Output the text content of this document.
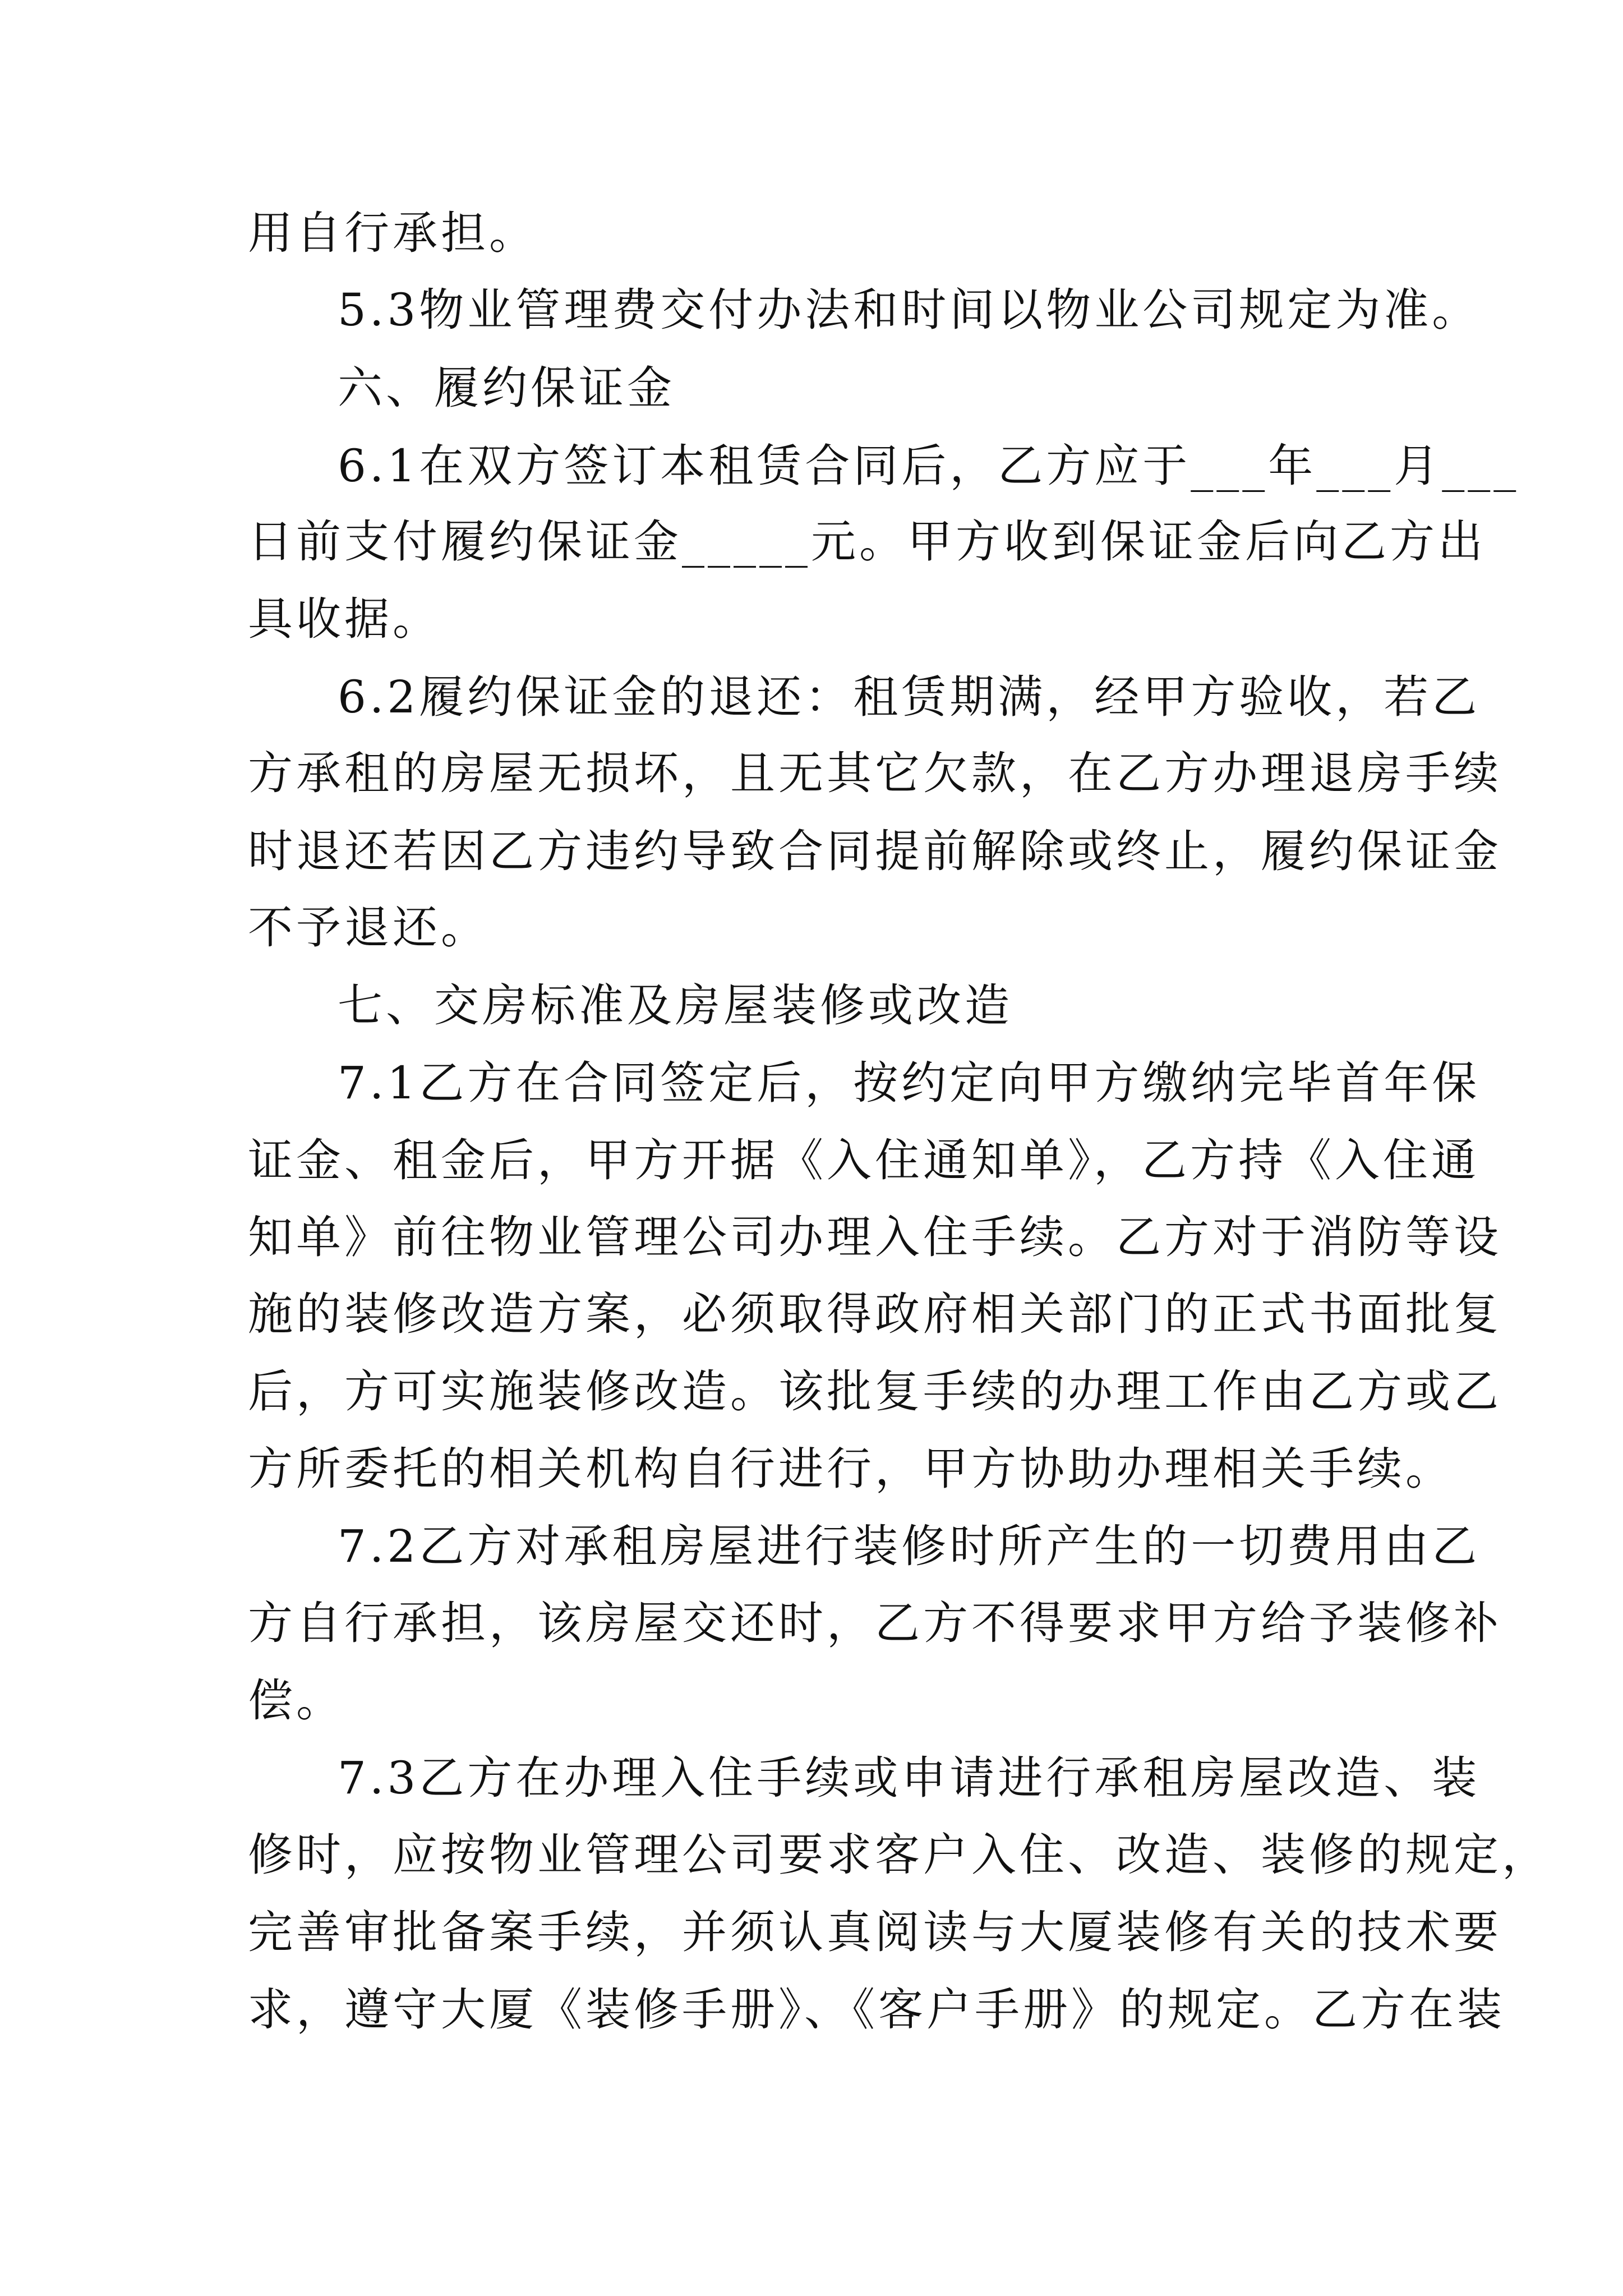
用自行承担。
5.3物业管理费交付办法和时间以物业公司规定为准。
六、履约保证金
6.1在双方签订本租赁合同后，乙方应于___年___月___
日前支付履约保证金_____元。甲方收到保证金后向乙方出
具收据。
6.2履约保证金的退还：租赁期满，经甲方验收，若乙
方承租的房屋无损坏，且无其它欠款，在乙方办理退房手续
时退还若因乙方违约导致合同提前解除或终止，履约保证金
不予退还。
七、交房标准及房屋装修或改造
7.1乙方在合同签定后，按约定向甲方缴纳完毕首年保
证金、租金后，甲方开据《入住通知单》，乙方持《入住通
知单》前往物业管理公司办理入住手续。乙方对于消防等设
施的装修改造方案，必须取得政府相关部门的正式书面批复
后，方可实施装修改造。该批复手续的办理工作由乙方或乙
方所委托的相关机构自行进行，甲方协助办理相关手续。
7.2乙方对承租房屋进行装修时所产生的一切费用由乙
方自行承担，该房屋交还时，乙方不得要求甲方给予装修补
偿。
7.3乙方在办理入住手续或申请进行承租房屋改造、装
修时，应按物业管理公司要求客户入住、改造、装修的规定，
完善审批备案手续，并须认真阅读与大厦装修有关的技术要
求，遵守大厦《装修手册》、《客户手册》的规定。乙方在装
